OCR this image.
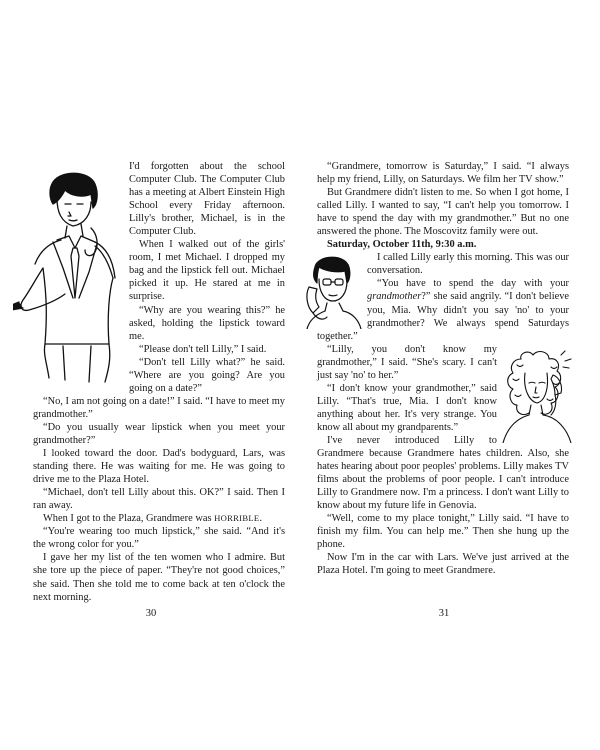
I'd forgotten about the school Computer Club. The Computer Club has a meeting at Albert Einstein High School every Friday afternoon. Lilly's brother, Michael, is in the Computer Club.

When I walked out of the girls' room, I met Michael. I dropped my bag and the lipstick fell out. Michael picked it up. He stared at me in surprise.

“Why are you wearing this?” he asked, holding the lipstick toward me.

“Please don't tell Lilly,” I said.

“Don't tell Lilly what?” he said. “Where are you going? Are you going on a date?”

“No, I am not going on a date!” I said. “I have to meet my grandmother.”

“Do you usually wear lipstick when you meet your grandmother?”

I looked toward the door. Dad's bodyguard, Lars, was standing there. He was waiting for me. He was going to drive me to the Plaza Hotel.

“Michael, don't tell Lilly about this. OK?” I said. Then I ran away.

When I got to the Plaza, Grandmere was HORRIBLE.

“You're wearing too much lipstick,” she said. “And it's the wrong color for you.”

I gave her my list of the ten women who I admire. But she tore up the piece of paper. “They're not good choices,” she said. Then she told me to come back at ten o'clock the next morning.

30

“Grandmere, tomorrow is Saturday,” I said. “I always help my friend, Lilly, on Saturdays. We film her TV show.”

But Grandmere didn't listen to me. So when I got home, I called Lilly. I wanted to say, “I can't help you tomorrow. I have to spend the day with my grandmother.” But no one answered the phone. The Moscovitz family were out.

Saturday, October 11th, 9:30 a.m.

I called Lilly early this morning. This was our conversation.

“You have to spend the day with your grandmother?” she said angrily. “I don't believe you, Mia. Why didn't you say 'no' to your grandmother? We always spend Saturdays together.”

“Lilly, you don't know my grandmother,” I said. “She's scary. I can't just say 'no' to her.”

“I don't know your grandmother,” said Lilly. “That's true, Mia. I don't know anything about her. It's very strange. You know all about my grandparents.”

I've never introduced Lilly to Grandmere because Grandmere hates children. Also, she hates hearing about poor peoples' problems. Lilly makes TV films about the problems of poor people. I can't introduce Lilly to Grandmere now. I'm a princess. I don't want Lilly to know about my future life in Genovia.

“Well, come to my place tonight,” Lilly said. “I have to finish my film. You can help me.” Then she hung up the phone.

Now I'm in the car with Lars. We've just arrived at the Plaza Hotel. I'm going to meet Grandmere.

31
